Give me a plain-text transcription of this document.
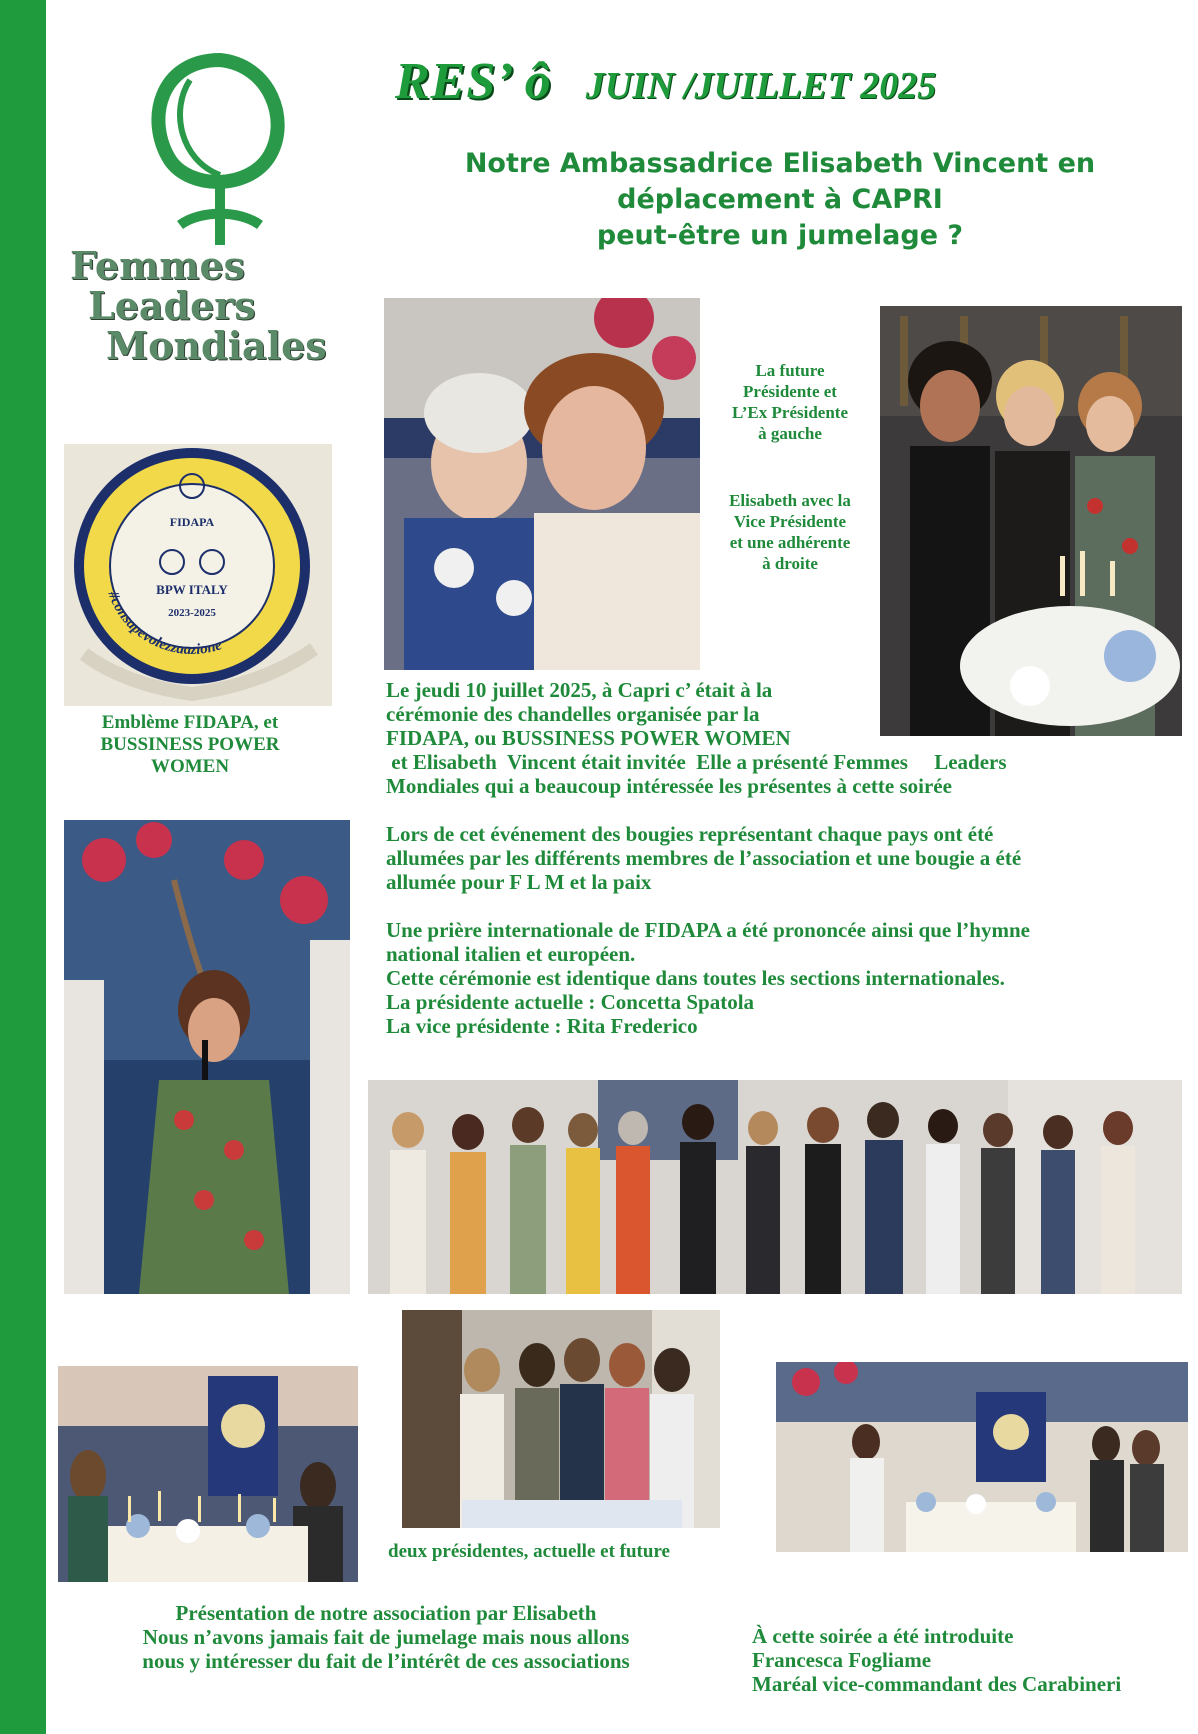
Femmes
Leaders
Mondiales
RES’ ô JUIN /JUILLET 2025
Notre Ambassadrice Elisabeth Vincent en
déplacement à CAPRI
peut-être un jumelage ?
FIDAPA
BPW ITALY
2023-2025
#consapevolezzaazione
Emblème FIDAPA, et
BUSSINESS POWER
WOMEN
La future
Présidente et
L’Ex Présidente
à gauche
Elisabeth avec la
Vice Présidente
et une adhérente
à droite
Le jeudi 10 juillet 2025, à Capri c’ était à la
cérémonie des chandelles organisée par la
FIDAPA, ou BUSSINESS POWER WOMEN
et Elisabeth  Vincent était invitée  Elle a présenté Femmes     Leaders
Mondiales qui a beaucoup intéressée les présentes à cette soirée
Lors de cet événement des bougies représentant chaque pays ont été
allumées par les différents membres de l’association et une bougie a été
allumée pour F L M et la paix
Une prière internationale de FIDAPA a été prononcée ainsi que l’hymne
national italien et européen.
Cette cérémonie est identique dans toutes les sections internationales.
La présidente actuelle : Concetta Spatola
La vice présidente : Rita Frederico
deux présidentes, actuelle et future
Présentation de notre association par Elisabeth
Nous n’avons jamais fait de jumelage mais nous allons
nous y intéresser du fait de l’intérêt de ces associations
À cette soirée a été introduite
Francesca Fogliame
Maréal vice-commandant des Carabineri
